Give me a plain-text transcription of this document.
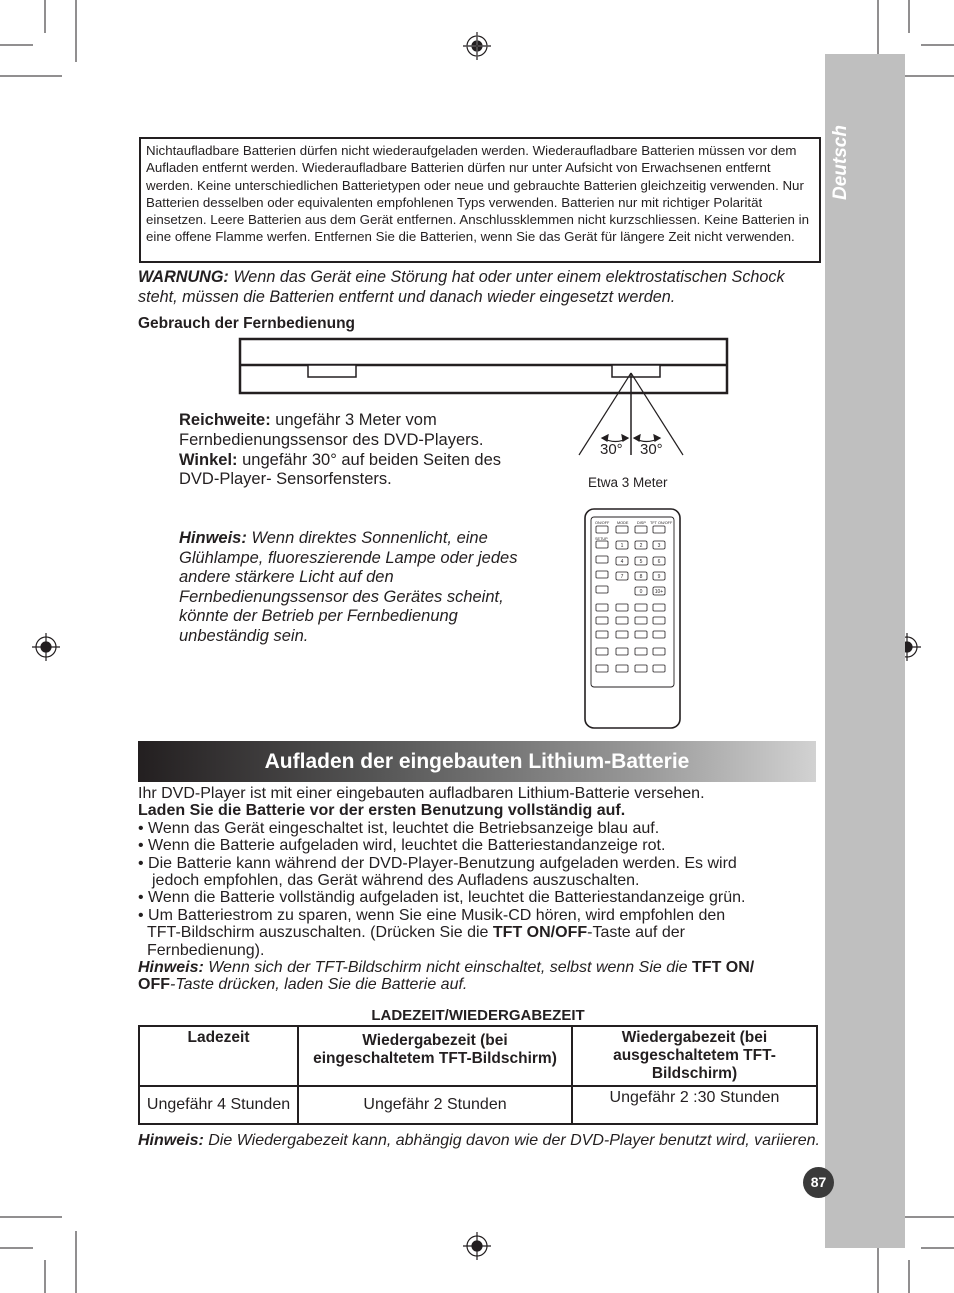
Deutsch
87
Nichtaufladbare Batterien dürfen nicht wiederaufgeladen werden. Wiederaufladbare Batterien müssen vor dem Aufladen entfernt werden. Wiederaufladbare Batterien dürfen nur unter Aufsicht von Erwachsenen entfernt werden. Keine unterschiedlichen Batterietypen oder neue und gebrauchte Batterien gleichzeitig verwenden. Nur Batterien desselben oder equivalenten empfohlenen Typs verwenden. Batterien nur mit richtiger Polarität einsetzen. Leere Batterien aus dem Gerät entfernen. Anschlussklemmen nicht kurzschliessen. Keine Batterien in eine offene Flamme werfen. Entfernen Sie die Batterien, wenn Sie das Gerät für längere Zeit nicht verwenden.
WARNUNG: Wenn das Gerät eine Störung hat oder unter einem elektrostatischen Schock steht, müssen die Batterien entfernt und danach wieder eingesetzt werden.
Gebrauch der Fernbedienung
30° 30°
Etwa 3 Meter
Reichweite: ungefähr 3 Meter vom Fernbedienungssensor des DVD-Players.
Winkel: ungefähr 30° auf beiden Seiten des DVD-Player- Sensorfensters.
Hinweis: Wenn direktes Sonnenlicht, eine Glühlampe, fluoreszierende Lampe oder jedes andere stärkere Licht auf den Fernbedienungssensor des Gerätes scheint, könnte der Betrieb per Fernbedienung unbeständig sein.
ON/OFF MODE DISP TFT ON/OFF
SETUP
1	2	3
4	5	6
7	8	9
0 10+
Aufladen der eingebauten Lithium-Batterie

Ihr DVD-Player ist mit einer eingebauten aufladbaren Lithium-Batterie versehen.

Laden Sie die Batterie vor der ersten Benutzung vollständig auf.

• Wenn das Gerät eingeschaltet ist, leuchtet die Betriebsanzeige blau auf.

• Wenn die Batterie aufgeladen wird, leuchtet die Batteriestandanzeige rot.

• Die Batterie kann während der DVD-Player-Benutzung aufgeladen werden. Es wird

jedoch empfohlen, das Gerät während des Aufladens auszuschalten.

• Wenn die Batterie vollständig aufgeladen ist, leuchtet die Batteriestandanzeige grün.

• Um Batteriestrom zu sparen, wenn Sie eine Musik-CD hören, wird empfohlen den

TFT-Bildschirm auszuschalten. (Drücken Sie die TFT ON/OFF-Taste auf der

Fernbedienung).

Hinweis: Wenn sich der TFT-Bildschirm nicht einschaltet, selbst wenn Sie die TFT ON/
OFF-Taste drücken, laden Sie die Batterie auf.

LADEZEIT/WIEDERGABEZEIT
Ladezeit	Wiedergabezeit (bei eingeschaltetem TFT-Bildschirm)	Wiedergabezeit (bei ausgeschaltetem TFT-Bildschirm)
Ungefähr 4 Stunden	Ungefähr 2 Stunden	Ungefähr 2 :30 Stunden
Hinweis: Die Wiedergabezeit kann, abhängig davon wie der DVD-Player benutzt wird, variieren.
